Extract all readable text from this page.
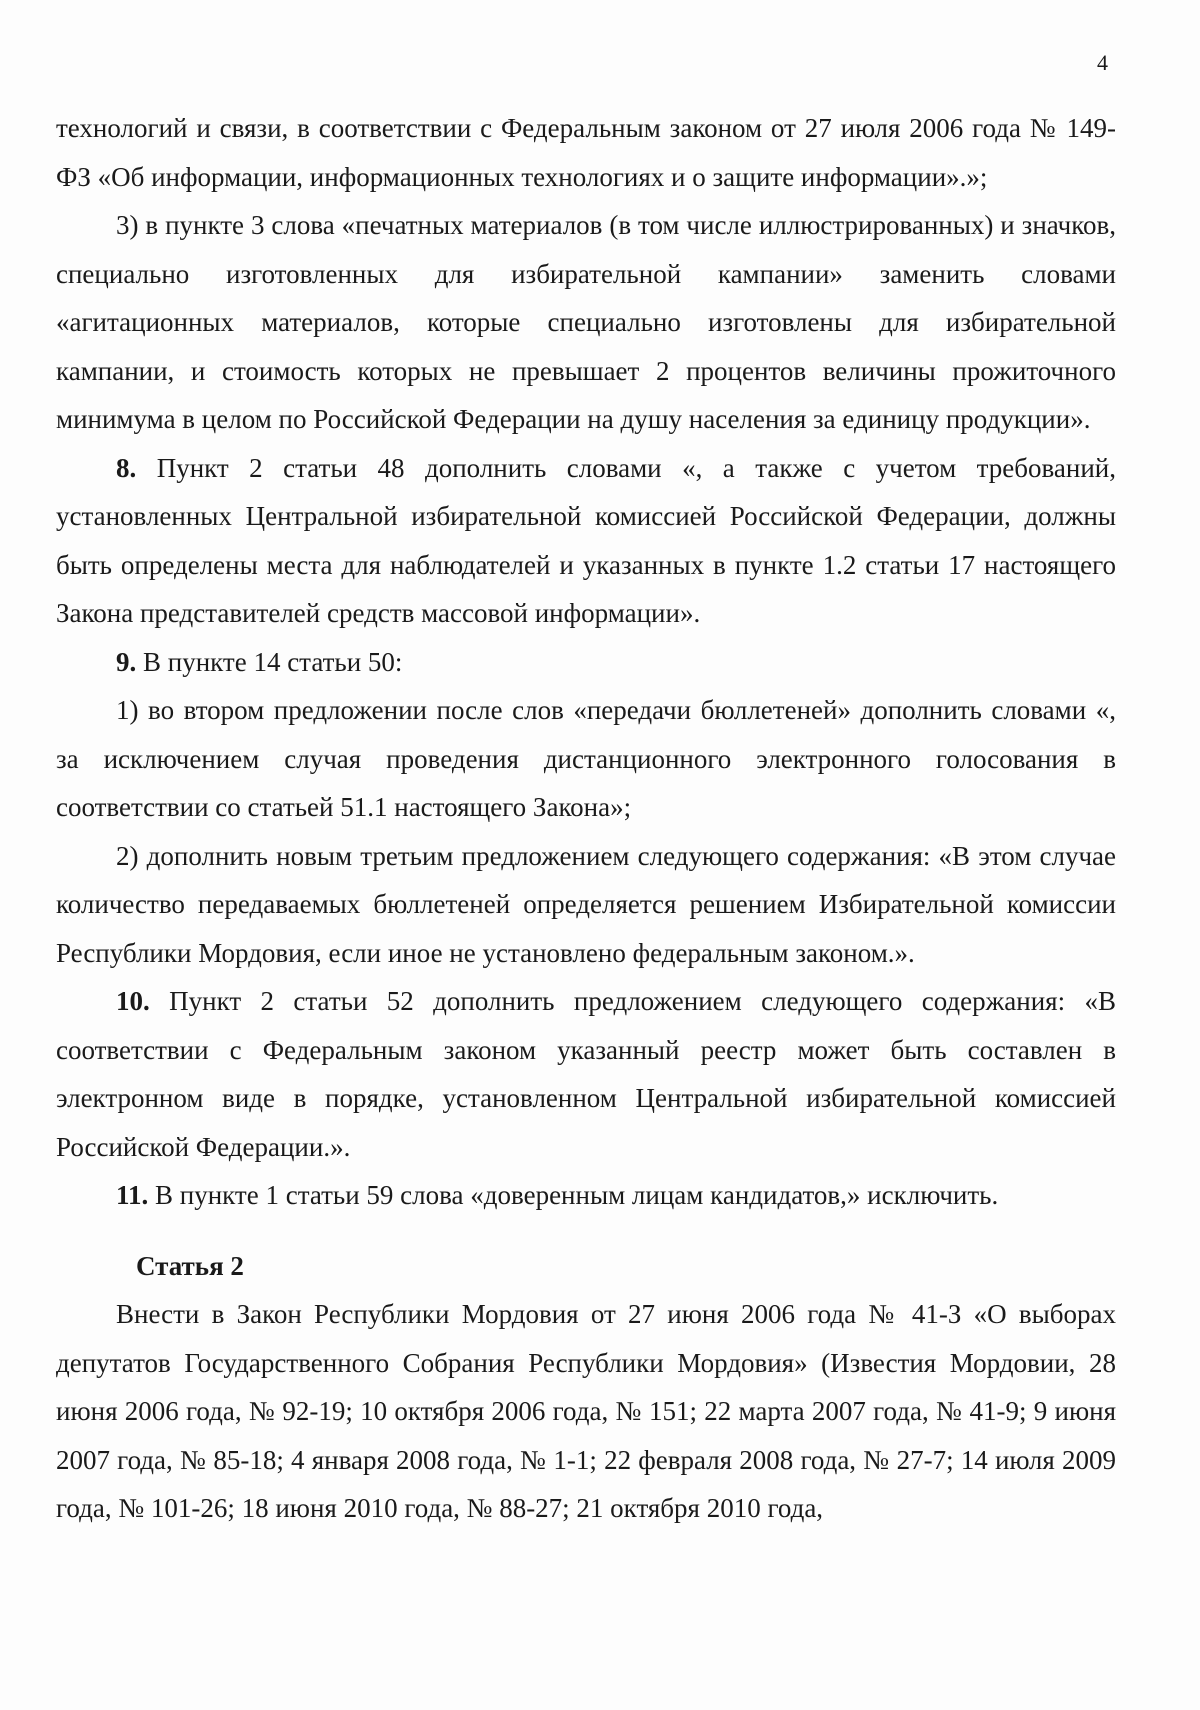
4

технологий и связи, в соответствии с Федеральным законом от 27 июля 2006 года № 149-ФЗ «Об информации, информационных технологиях и о защите информации».»;

3) в пункте 3 слова «печатных материалов (в том числе иллюстрированных) и значков, специально изготовленных для избирательной кампании» заменить словами «агитационных материалов, которые специально изготовлены для избирательной кампании, и стоимость которых не превышает 2 процентов величины прожиточного минимума в целом по Российской Федерации на душу населения за единицу продукции».

8. Пункт 2 статьи 48 дополнить словами «, а также с учетом требований, установленных Центральной избирательной комиссией Российской Федерации, должны быть определены места для наблюдателей и указанных в пункте 1.2 статьи 17 настоящего Закона представителей средств массовой информации».

9. В пункте 14 статьи 50:

1) во втором предложении после слов «передачи бюллетеней» дополнить словами «, за исключением случая проведения дистанционного электронного голосования в соответствии со статьей 51.1 настоящего Закона»;

2) дополнить новым третьим предложением следующего содержания: «В этом случае количество передаваемых бюллетеней определяется решением Избирательной комиссии Республики Мордовия, если иное не установлено федеральным законом.».

10. Пункт 2 статьи 52 дополнить предложением следующего содержания: «В соответствии с Федеральным законом указанный реестр может быть составлен в электронном виде в порядке, установленном Центральной избирательной комиссией Российской Федерации.».

11. В пункте 1 статьи 59 слова «доверенным лицам кандидатов,» исключить.

Статья 2

Внести в Закон Республики Мордовия от 27 июня 2006 года № 41-З «О выборах депутатов Государственного Собрания Республики Мордовия» (Известия Мордовии, 28 июня 2006 года, № 92-19; 10 октября 2006 года, № 151; 22 марта 2007 года, № 41-9; 9 июня 2007 года, № 85-18; 4 января 2008 года, № 1-1; 22 февраля 2008 года, № 27-7; 14 июля 2009 года, № 101-26; 18 июня 2010 года, № 88-27; 21 октября 2010 года,
